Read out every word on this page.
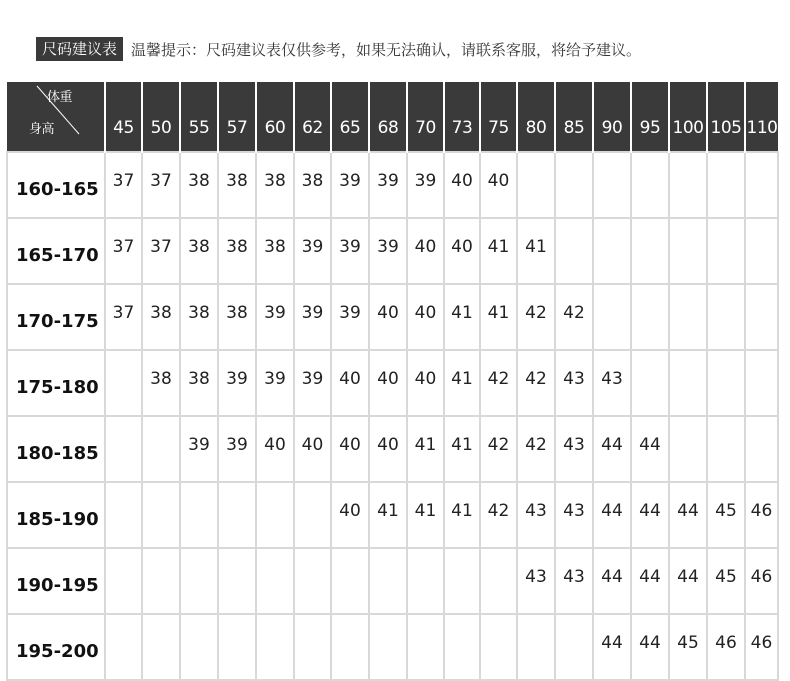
尺码建议表 温馨提示：尺码建议表仅供参考，如果无法确认，请联系客服，将给予建议。
体重
身高	45	50	55	57	60	62	65	68	70	73	75	80	85	90	95	100	105	110
160-165	37	37	38	38	38	38	39	39	39	40	40							
165-170	37	37	38	38	38	39	39	39	40	40	41	41						
170-175	37	38	38	38	39	39	39	40	40	41	41	42	42					
175-180		38	38	39	39	39	40	40	40	41	42	42	43	43				
180-185			39	39	40	40	40	40	41	41	42	42	43	44	44			
185-190							40	41	41	41	42	43	43	44	44	44	45	46
190-195												43	43	44	44	44	45	46
195-200														44	44	45	46	46
